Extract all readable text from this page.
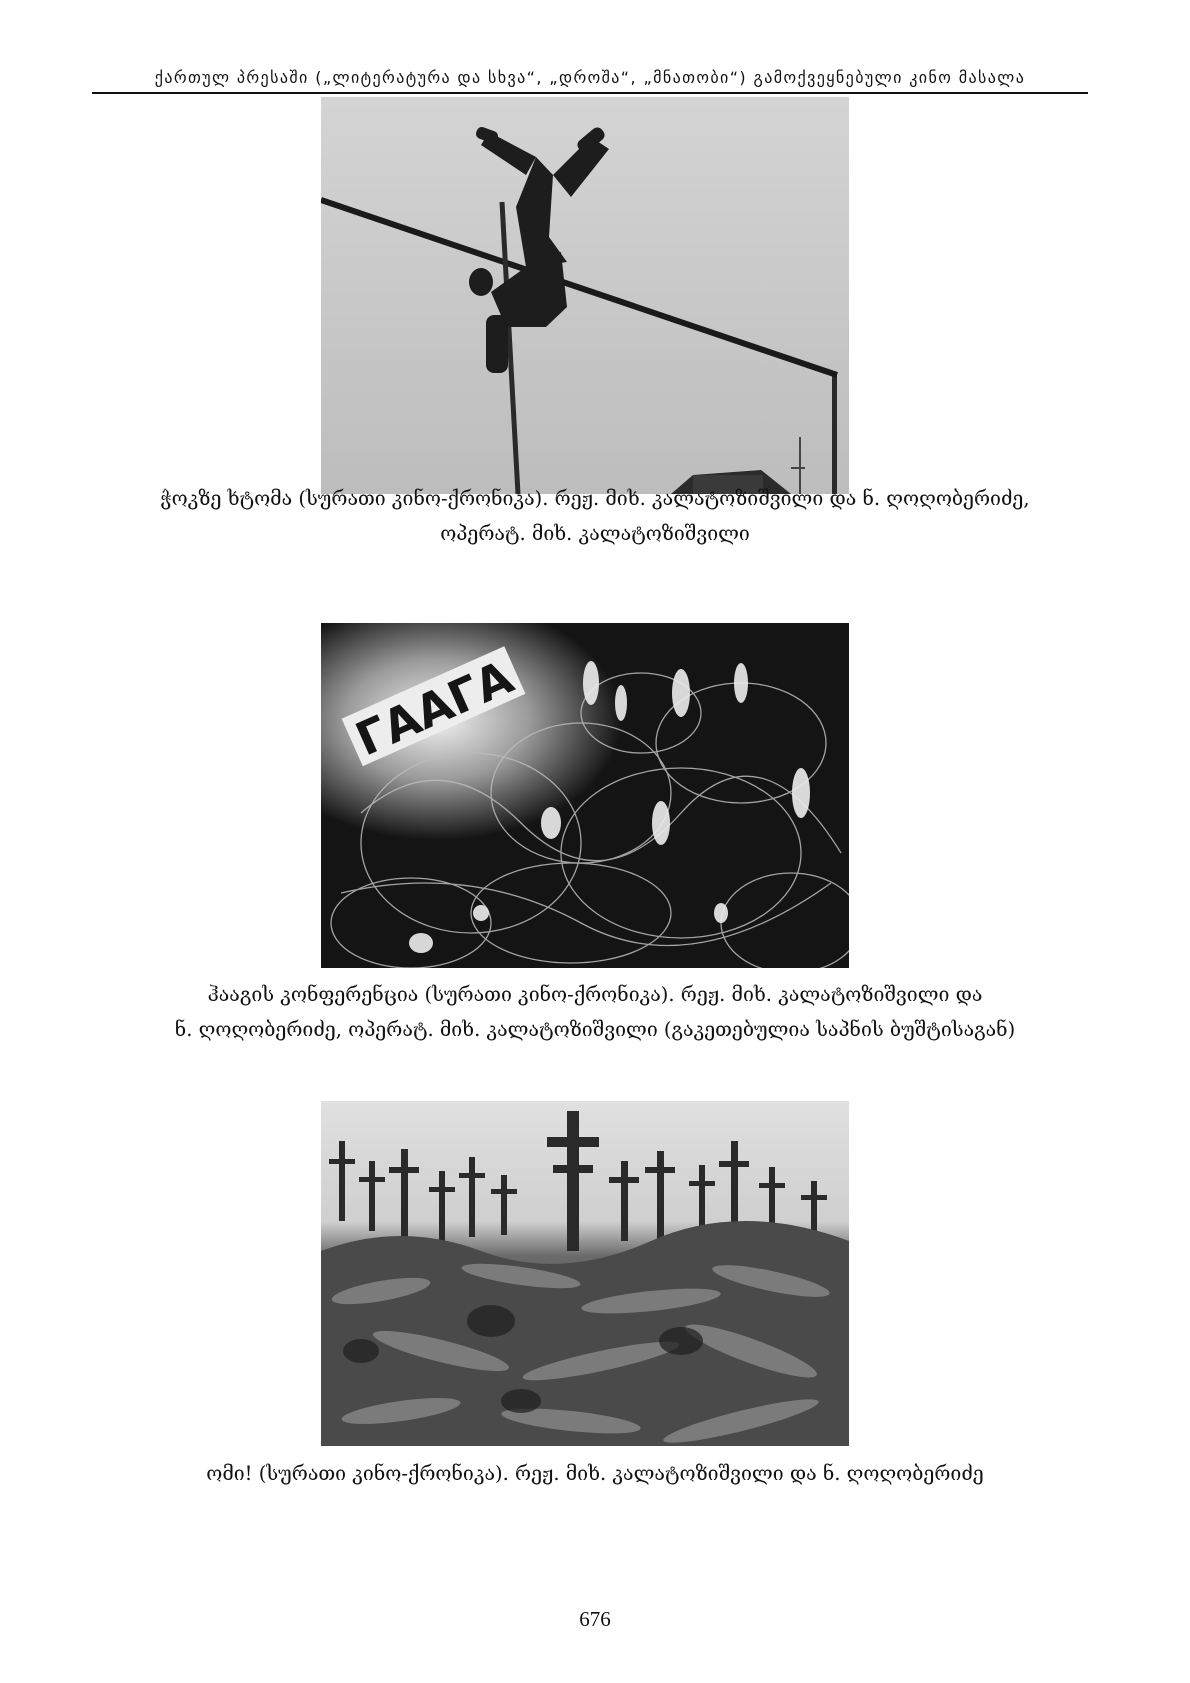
ქართულ პრესაში („ლიტერატურა და სხვა“, „დროშა“, „მნათობი“) გამოქვეყნებული კინო მასალა
ჭოკზე ხტომა (სურათი კინო-ქრონიკა). რეჟ. მიხ. კალატოზიშვილი და ნ. ღოღობერიძე,
ოპერატ. მიხ. კალატოზიშვილი
ГААГА
ჰააგის კონფერენცია (სურათი კინო-ქრონიკა). რეჟ. მიხ. კალატოზიშვილი და
ნ. ღოღობერიძე, ოპერატ. მიხ. კალატოზიშვილი (გაკეთებულია საპნის ბუშტისაგან)
ომი! (სურათი კინო-ქრონიკა). რეჟ. მიხ. კალატოზიშვილი და ნ. ღოღობერიძე
676
